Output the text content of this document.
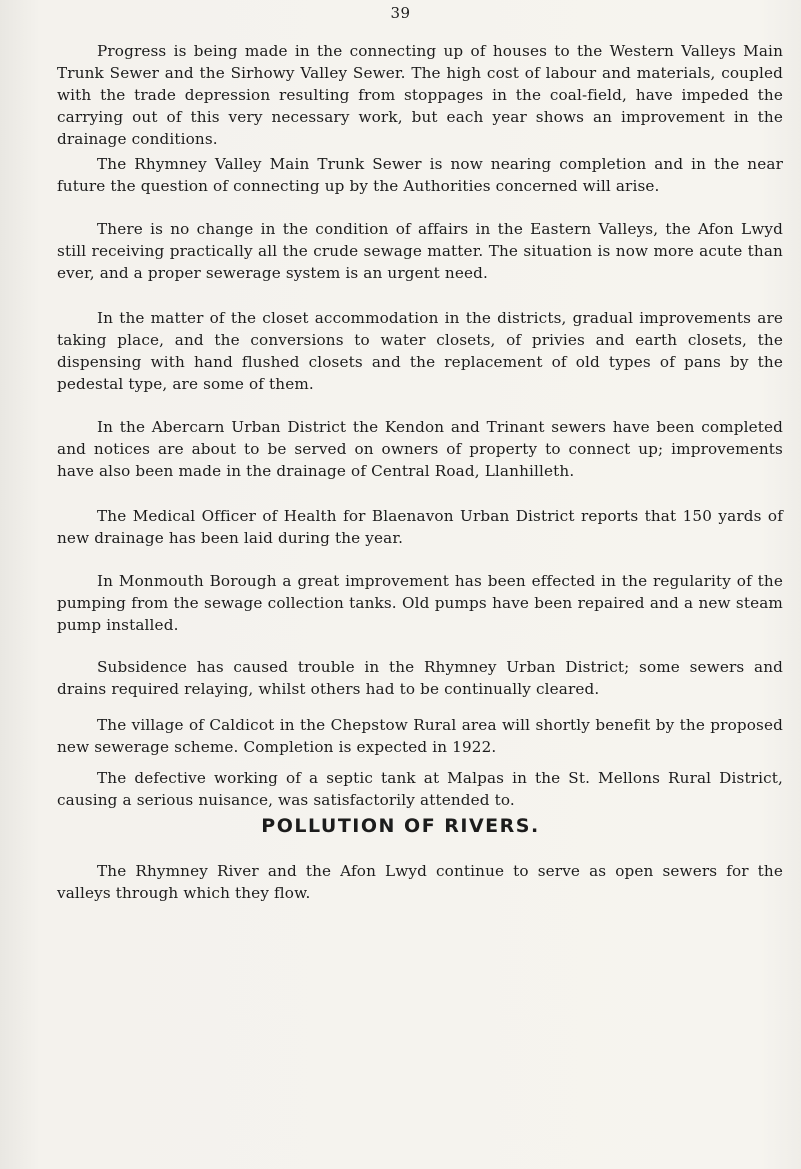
39

Progress is being made in the connecting up of houses to the Western Valleys Main Trunk Sewer and the Sirhowy Valley Sewer. The high cost of labour and materials, coupled with the trade depression resulting from stoppages in the coal-field, have impeded the carrying out of this very necessary work, but each year shows an improvement in the drainage conditions.

The Rhymney Valley Main Trunk Sewer is now nearing completion and in the near future the question of connecting up by the Authorities concerned will arise.

There is no change in the condition of affairs in the Eastern Valleys, the Afon Lwyd still receiving practically all the crude sewage matter. The situation is now more acute than ever, and a proper sewerage system is an urgent need.

In the matter of the closet accommodation in the districts, gradual improvements are taking place, and the conversions to water closets, of privies and earth closets, the dispensing with hand flushed closets and the replacement of old types of pans by the pedestal type, are some of them.

In the Abercarn Urban District the Kendon and Trinant sewers have been completed and notices are about to be served on owners of property to connect up; improvements have also been made in the drainage of Central Road, Llanhilleth.

The Medical Officer of Health for Blaenavon Urban District reports that 150 yards of new drainage has been laid during the year.

In Monmouth Borough a great improvement has been effected in the regularity of the pumping from the sewage collection tanks. Old pumps have been repaired and a new steam pump installed.

Subsidence has caused trouble in the Rhymney Urban District; some sewers and drains required relaying, whilst others had to be continually cleared.

The village of Caldicot in the Chepstow Rural area will shortly benefit by the proposed new sewerage scheme. Completion is expected in 1922.

The defective working of a septic tank at Malpas in the St. Mellons Rural District, causing a serious nuisance, was satisfactorily attended to.

POLLUTION OF RIVERS.

The Rhymney River and the Afon Lwyd continue to serve as open sewers for the valleys through which they flow.
